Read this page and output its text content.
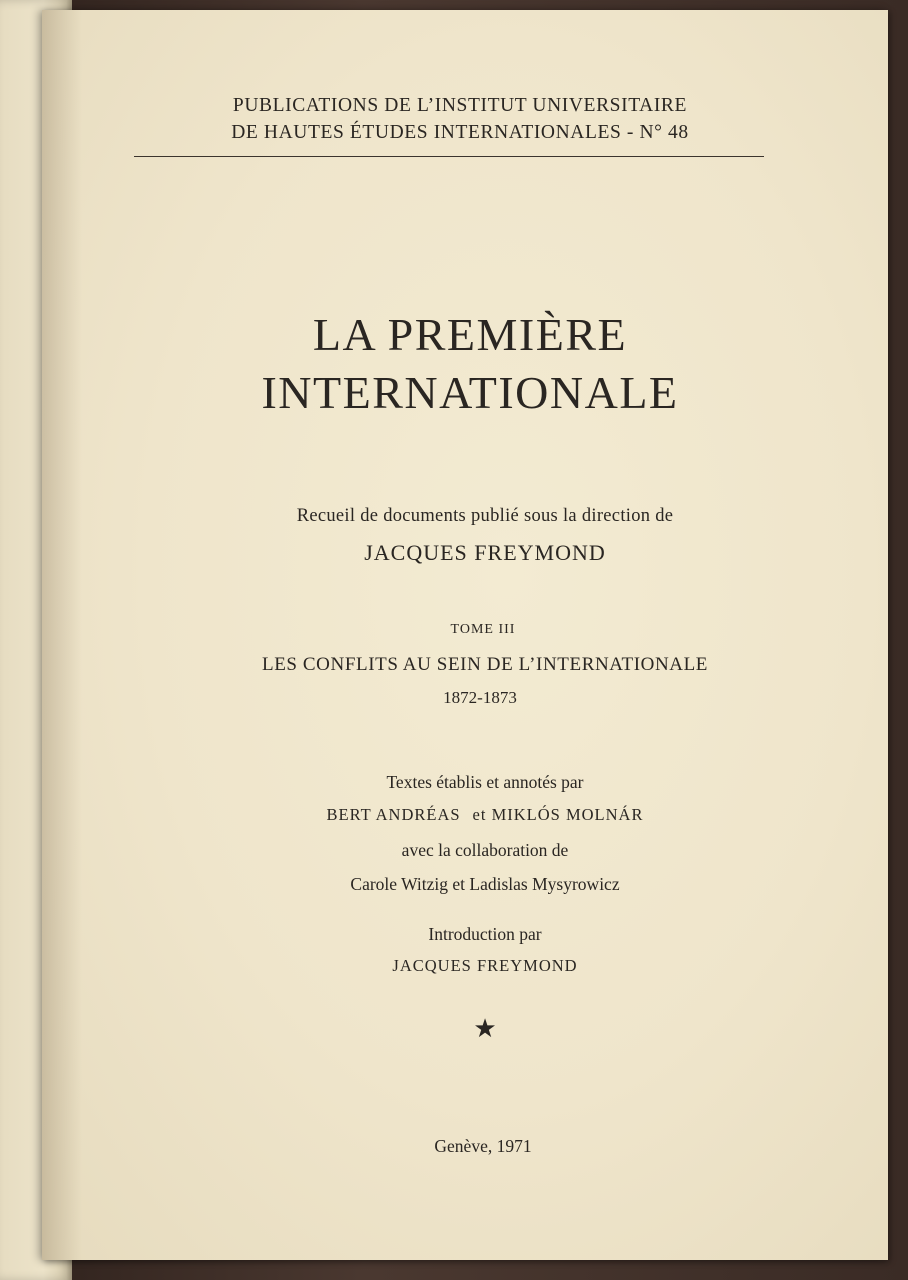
PUBLICATIONS DE L’INSTITUT UNIVERSITAIRE
DE HAUTES ÉTUDES INTERNATIONALES - N° 48
LA PREMIÈRE
INTERNATIONALE
Recueil de documents publié sous la direction de
JACQUES FREYMOND
TOME III
LES CONFLITS AU SEIN DE L’INTERNATIONALE
1872-1873
Textes établis et annotés par
BERT ANDRÉAS et MIKLÓS MOLNÁR
avec la collaboration de
Carole Witzig et Ladislas Mysyrowicz
Introduction par
JACQUES FREYMOND
★
Genève, 1971
